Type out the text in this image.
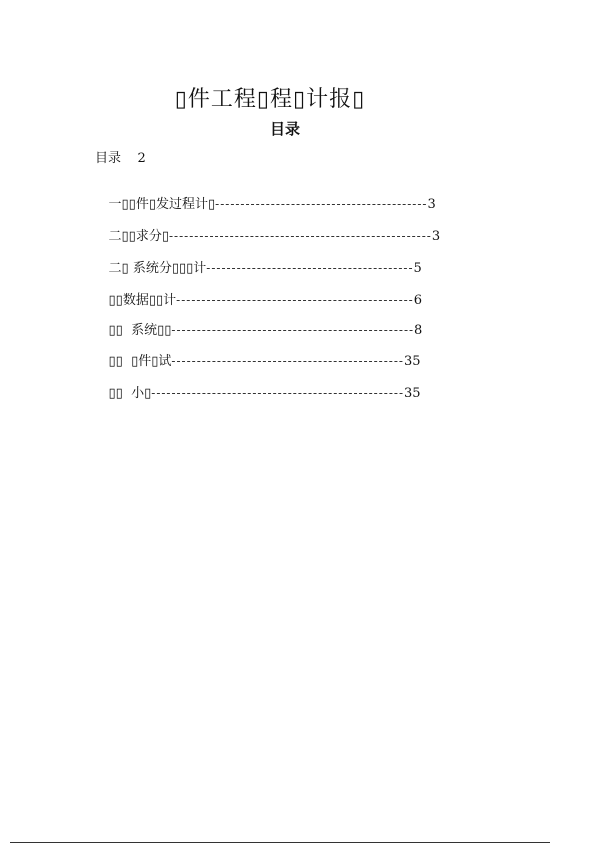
▯件工程▯程▯计报▯
目录
目录    2

一▯▯件▯发过程计▯------------------------------------------3

二▯▯求分▯----------------------------------------------------3

二▯ 系统分▯▯▯计-----------------------------------------5

▯▯数据▯▯计-----------------------------------------------6

▯▯  系统▯▯------------------------------------------------8

▯▯  ▯件▯试----------------------------------------------35

▯▯  小▯--------------------------------------------------35
